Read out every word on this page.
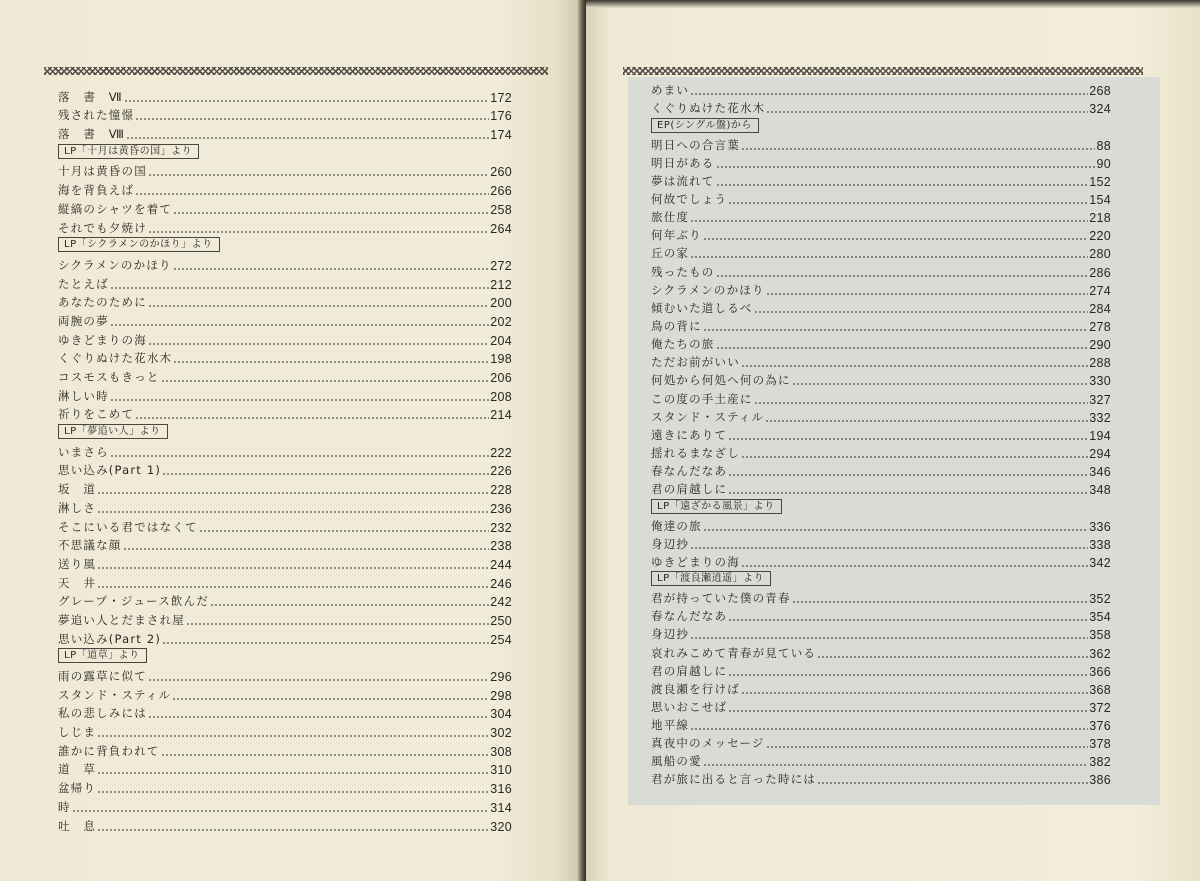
落　書　Ⅶ	172
残された憧憬	176
落　書　Ⅷ	174
LP「十月は黄昏の国」より
十月は黄昏の国	260
海を背負えば	266
縦縞のシャツを着て	258
それでも夕焼け	264
LP「シクラメンのかほり」より
シクラメンのかほり	272
たとえば	212
あなたのために	200
両腕の夢	202
ゆきどまりの海	204
くぐりぬけた花水木	198
コスモスもきっと	206
淋しい時	208
祈りをこめて	214
LP「夢追い人」より
いまさら	222
思い込み(Part 1)	226
坂　道	228
淋しさ	236
そこにいる君ではなくて	232
不思議な顔	238
送り風	244
天　井	246
グレープ・ジュース飲んだ	242
夢追い人とだまされ屋	250
思い込み(Part 2)	254
LP「道草」より
雨の露草に似て	296
スタンド・スティル	298
私の悲しみには	304
しじま	302
誰かに背負われて	308
道　草	310
盆帰り	316
時	314
吐　息	320
めまい	268
くぐりぬけた花水木	324
EP(シングル盤)から
明日への合言葉	88
明日がある	90
夢は流れて	152
何故でしょう	154
旅仕度	218
何年ぶり	220
丘の家	280
残ったもの	286
シクラメンのかほり	274
傾むいた道しるべ	284
鳥の背に	278
俺たちの旅	290
ただお前がいい	288
何処から何処へ何の為に	330
この度の手土産に	327
スタンド・スティル	332
遠きにありて	194
揺れるまなざし	294
春なんだなあ	346
君の肩越しに	348
LP「遠ざかる風景」より
俺達の旅	336
身辺抄	338
ゆきどまりの海	342
LP「渡良瀬逍遥」より
君が持っていた僕の青春	352
春なんだなあ	354
身辺抄	358
哀れみこめて青春が見ている	362
君の肩越しに	366
渡良瀬を行けば	368
思いおこせば	372
地平線	376
真夜中のメッセージ	378
風船の愛	382
君が旅に出ると言った時には	386
